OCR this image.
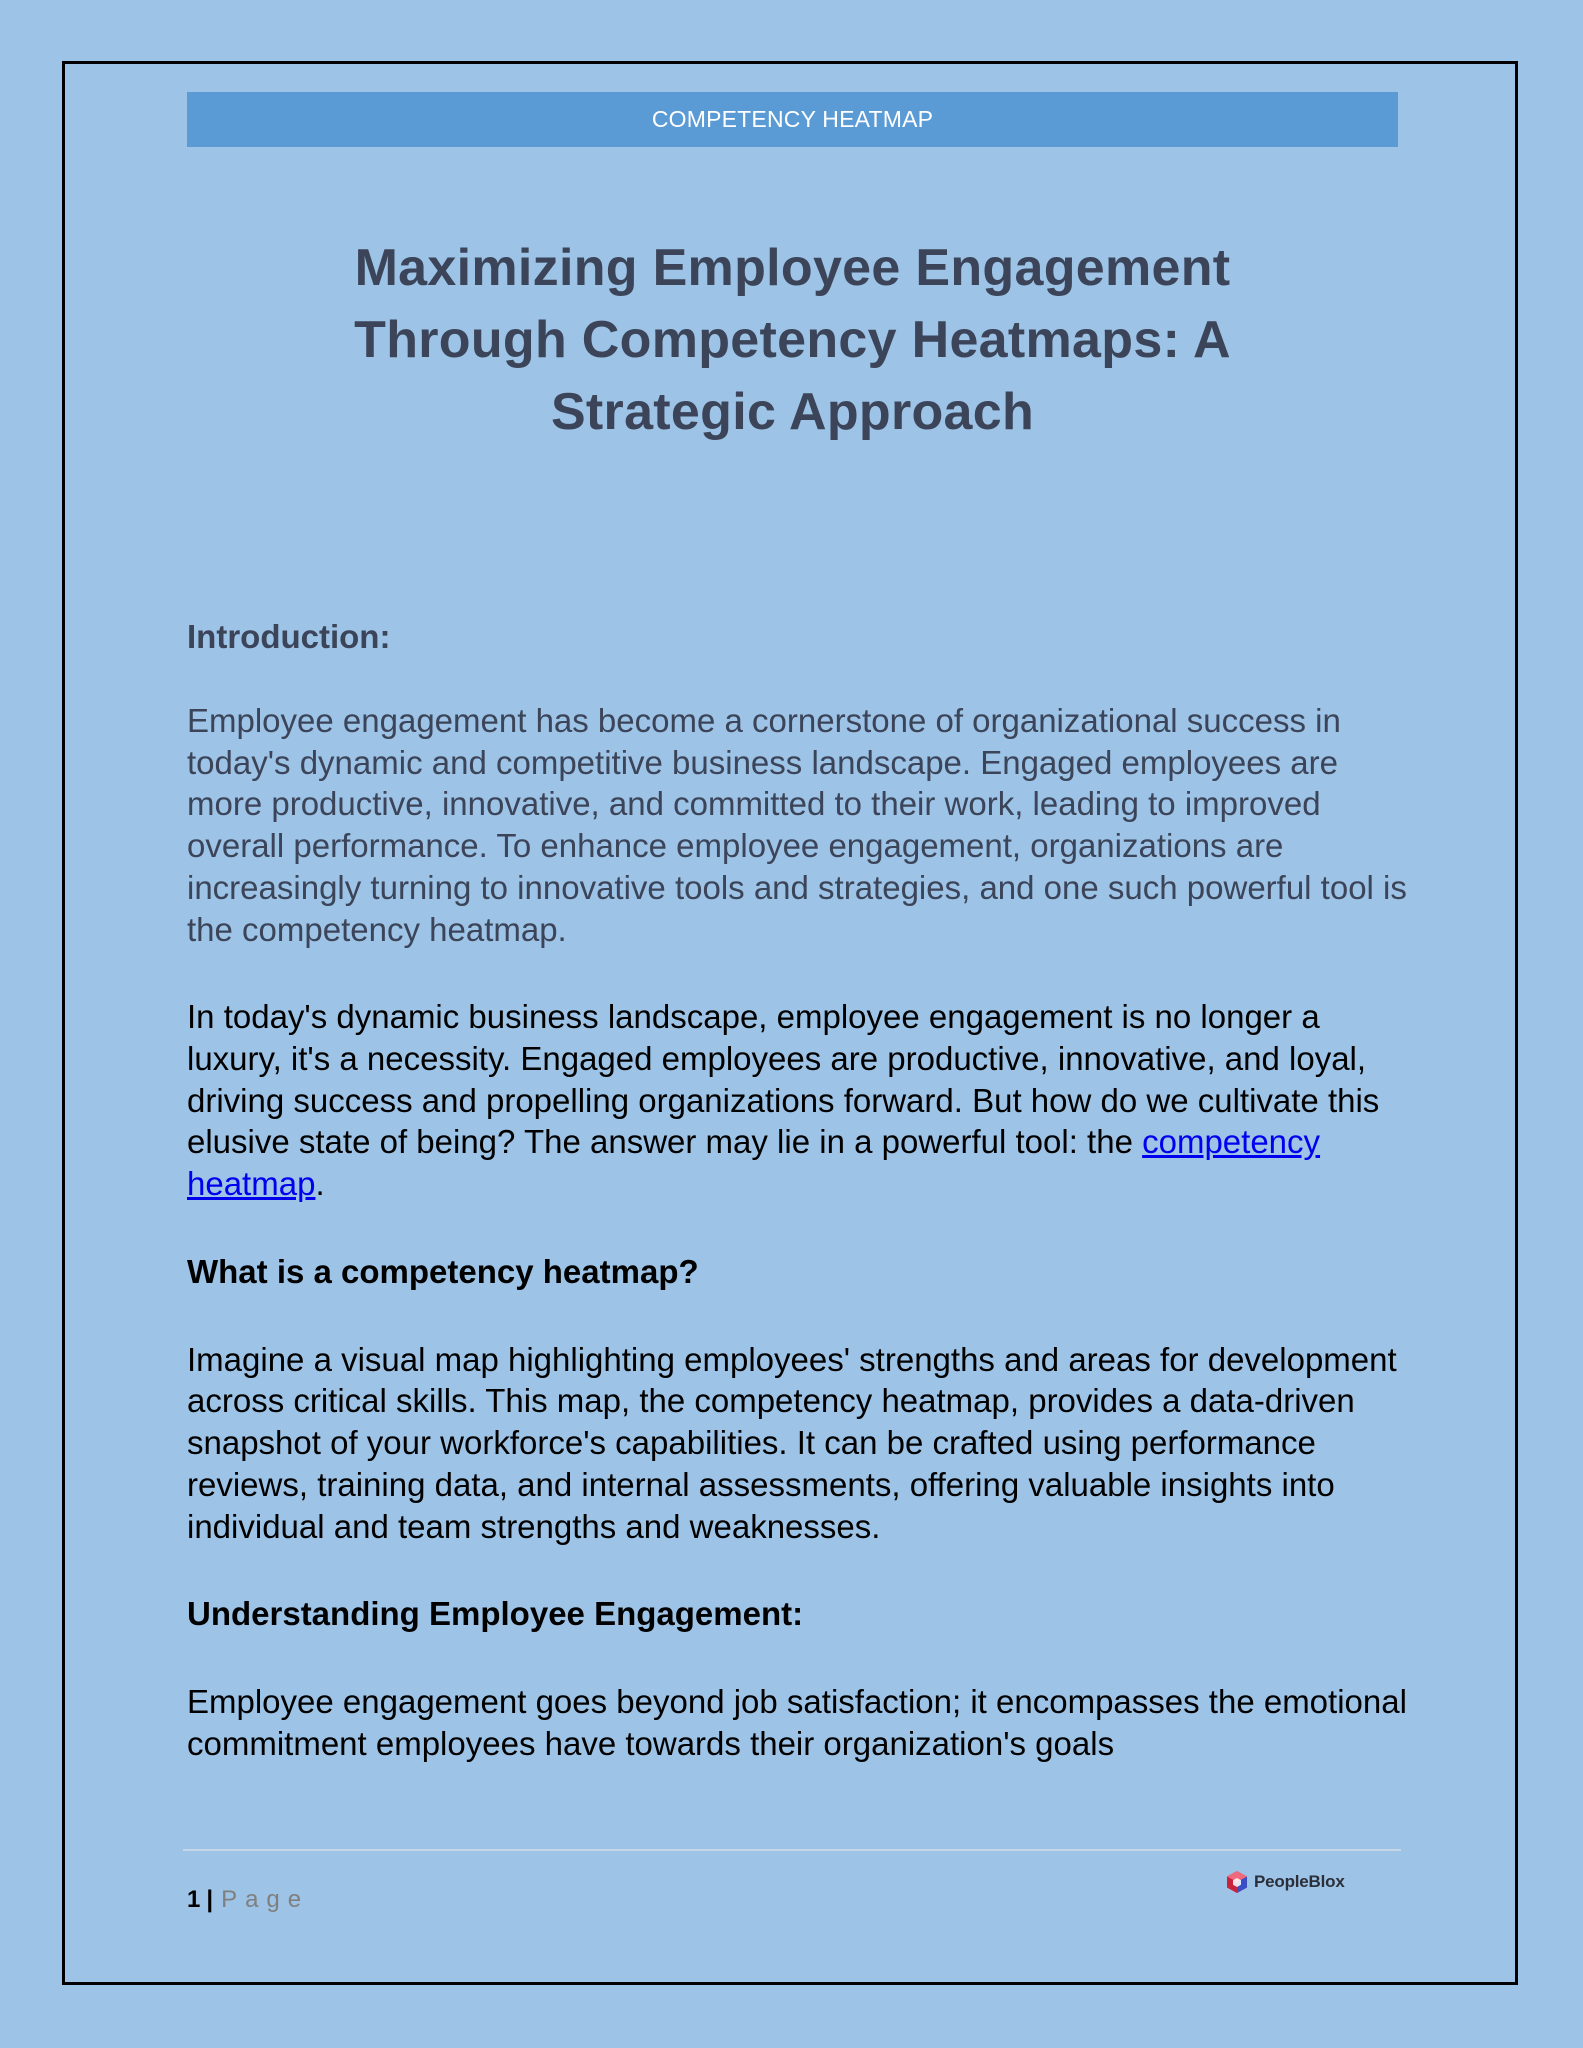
COMPETENCY HEATMAP
Maximizing Employee Engagement
Through Competency Heatmaps: A
Strategic Approach
Introduction:

Employee engagement has become a cornerstone of organizational success in today's dynamic and competitive business landscape. Engaged employees are more productive, innovative, and committed to their work, leading to improved overall performance. To enhance employee engagement, organizations are increasingly turning to innovative tools and strategies, and one such powerful tool is the competency heatmap.

In today's dynamic business landscape, employee engagement is no longer a luxury, it's a necessity. Engaged employees are productive, innovative, and loyal, driving success and propelling organizations forward. But how do we cultivate this elusive state of being? The answer may lie in a powerful tool: the competency heatmap.

What is a competency heatmap?

Imagine a visual map highlighting employees' strengths and areas for development across critical skills. This map, the competency heatmap, provides a data-driven snapshot of your workforce's capabilities. It can be crafted using performance reviews, training data, and internal assessments, offering valuable insights into individual and team strengths and weaknesses.

Understanding Employee Engagement:

Employee engagement goes beyond job satisfaction; it encompasses the emotional commitment employees have towards their organization's goals

1 | Page
PeopleBlox
